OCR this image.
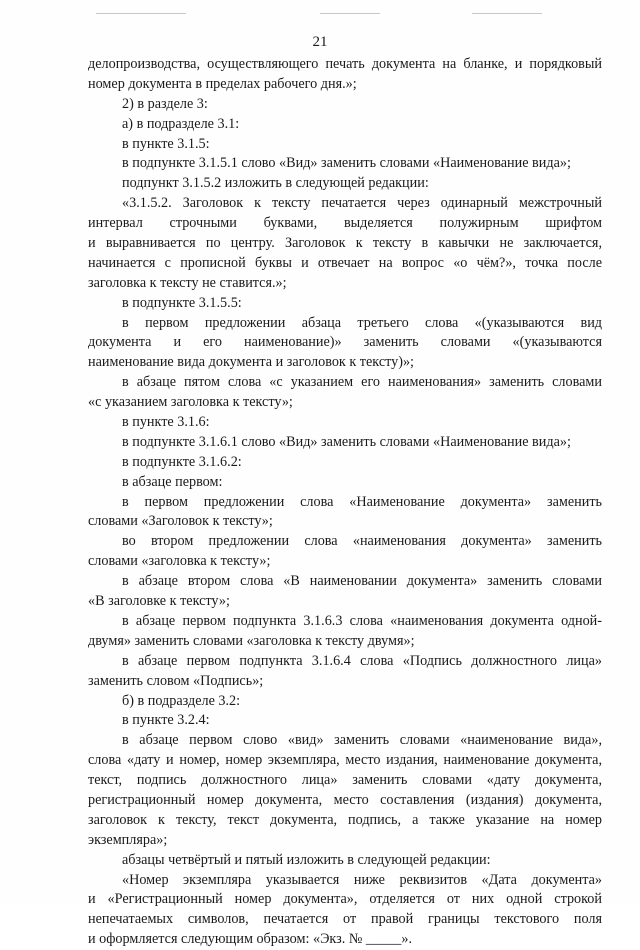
21
делопроизводства, осуществляющего печать документа на бланке, и порядковый
номер документа в пределах рабочего дня.»;
2) в разделе 3:
а) в подразделе 3.1:
в пункте 3.1.5:
в подпункте 3.1.5.1 слово «Вид» заменить словами «Наименование вида»;
подпункт 3.1.5.2 изложить в следующей редакции:
«3.1.5.2. Заголовок к тексту печатается через одинарный межстрочный
интервал строчными буквами, выделяется полужирным шрифтом
и выравнивается по центру. Заголовок к тексту в кавычки не заключается,
начинается с прописной буквы и отвечает на вопрос «о чём?», точка после
заголовка к тексту не ставится.»;
в подпункте 3.1.5.5:
в первом предложении абзаца третьего слова «(указываются вид
документа и его наименование)» заменить словами «(указываются
наименование вида документа и заголовок к тексту)»;
в абзаце пятом слова «с указанием его наименования» заменить словами
«с указанием заголовка к тексту»;
в пункте 3.1.6:
в подпункте 3.1.6.1 слово «Вид» заменить словами «Наименование вида»;
в подпункте 3.1.6.2:
в абзаце первом:
в первом предложении слова «Наименование документа» заменить
словами «Заголовок к тексту»;
во втором предложении слова «наименования документа» заменить
словами «заголовка к тексту»;
в абзаце втором слова «В наименовании документа» заменить словами
«В заголовке к тексту»;
в абзаце первом подпункта 3.1.6.3 слова «наименования документа одной-
двумя» заменить словами «заголовка к тексту двумя»;
в абзаце первом подпункта 3.1.6.4 слова «Подпись должностного лица»
заменить словом «Подпись»;
б) в подразделе 3.2:
в пункте 3.2.4:
в абзаце первом слово «вид» заменить словами «наименование вида»,
слова «дату и номер, номер экземпляра, место издания, наименование документа,
текст, подпись должностного лица» заменить словами «дату документа,
регистрационный номер документа, место составления (издания) документа,
заголовок к тексту, текст документа, подпись, а также указание на номер
экземпляра»;
абзацы четвёртый и пятый изложить в следующей редакции:
«Номер экземпляра указывается ниже реквизитов «Дата документа»
и «Регистрационный номер документа», отделяется от них одной строкой
непечатаемых символов, печатается от правой границы текстового поля
и оформляется следующим образом: «Экз. № _____».
